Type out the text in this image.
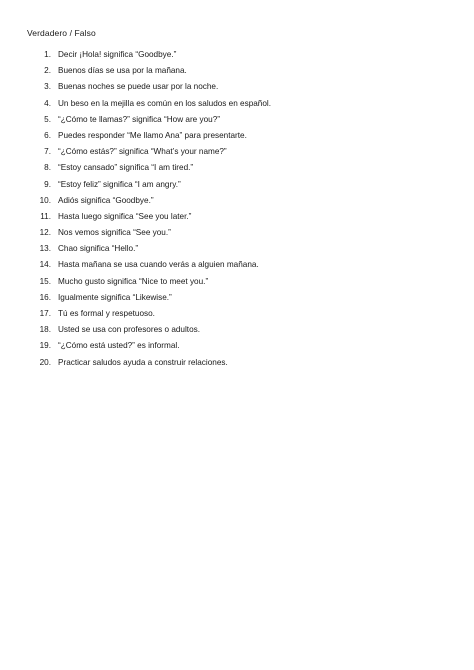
Verdadero / Falso
1. Decir ¡Hola! significa “Goodbye.”
2. Buenos días se usa por la mañana.
3. Buenas noches se puede usar por la noche.
4. Un beso en la mejilla es común en los saludos en español.
5. “¿Cómo te llamas?” significa “How are you?”
6. Puedes responder “Me llamo Ana” para presentarte.
7. “¿Cómo estás?” significa “What’s your name?”
8. “Estoy cansado” significa “I am tired.”
9. “Estoy feliz” significa “I am angry.”
10. Adiós significa “Goodbye.”
11. Hasta luego significa “See you later.”
12. Nos vemos significa “See you.”
13. Chao significa “Hello.”
14. Hasta mañana se usa cuando verás a alguien mañana.
15. Mucho gusto significa “Nice to meet you.”
16. Igualmente significa “Likewise.”
17. Tú es formal y respetuoso.
18. Usted se usa con profesores o adultos.
19. “¿Cómo está usted?” es informal.
20. Practicar saludos ayuda a construir relaciones.
